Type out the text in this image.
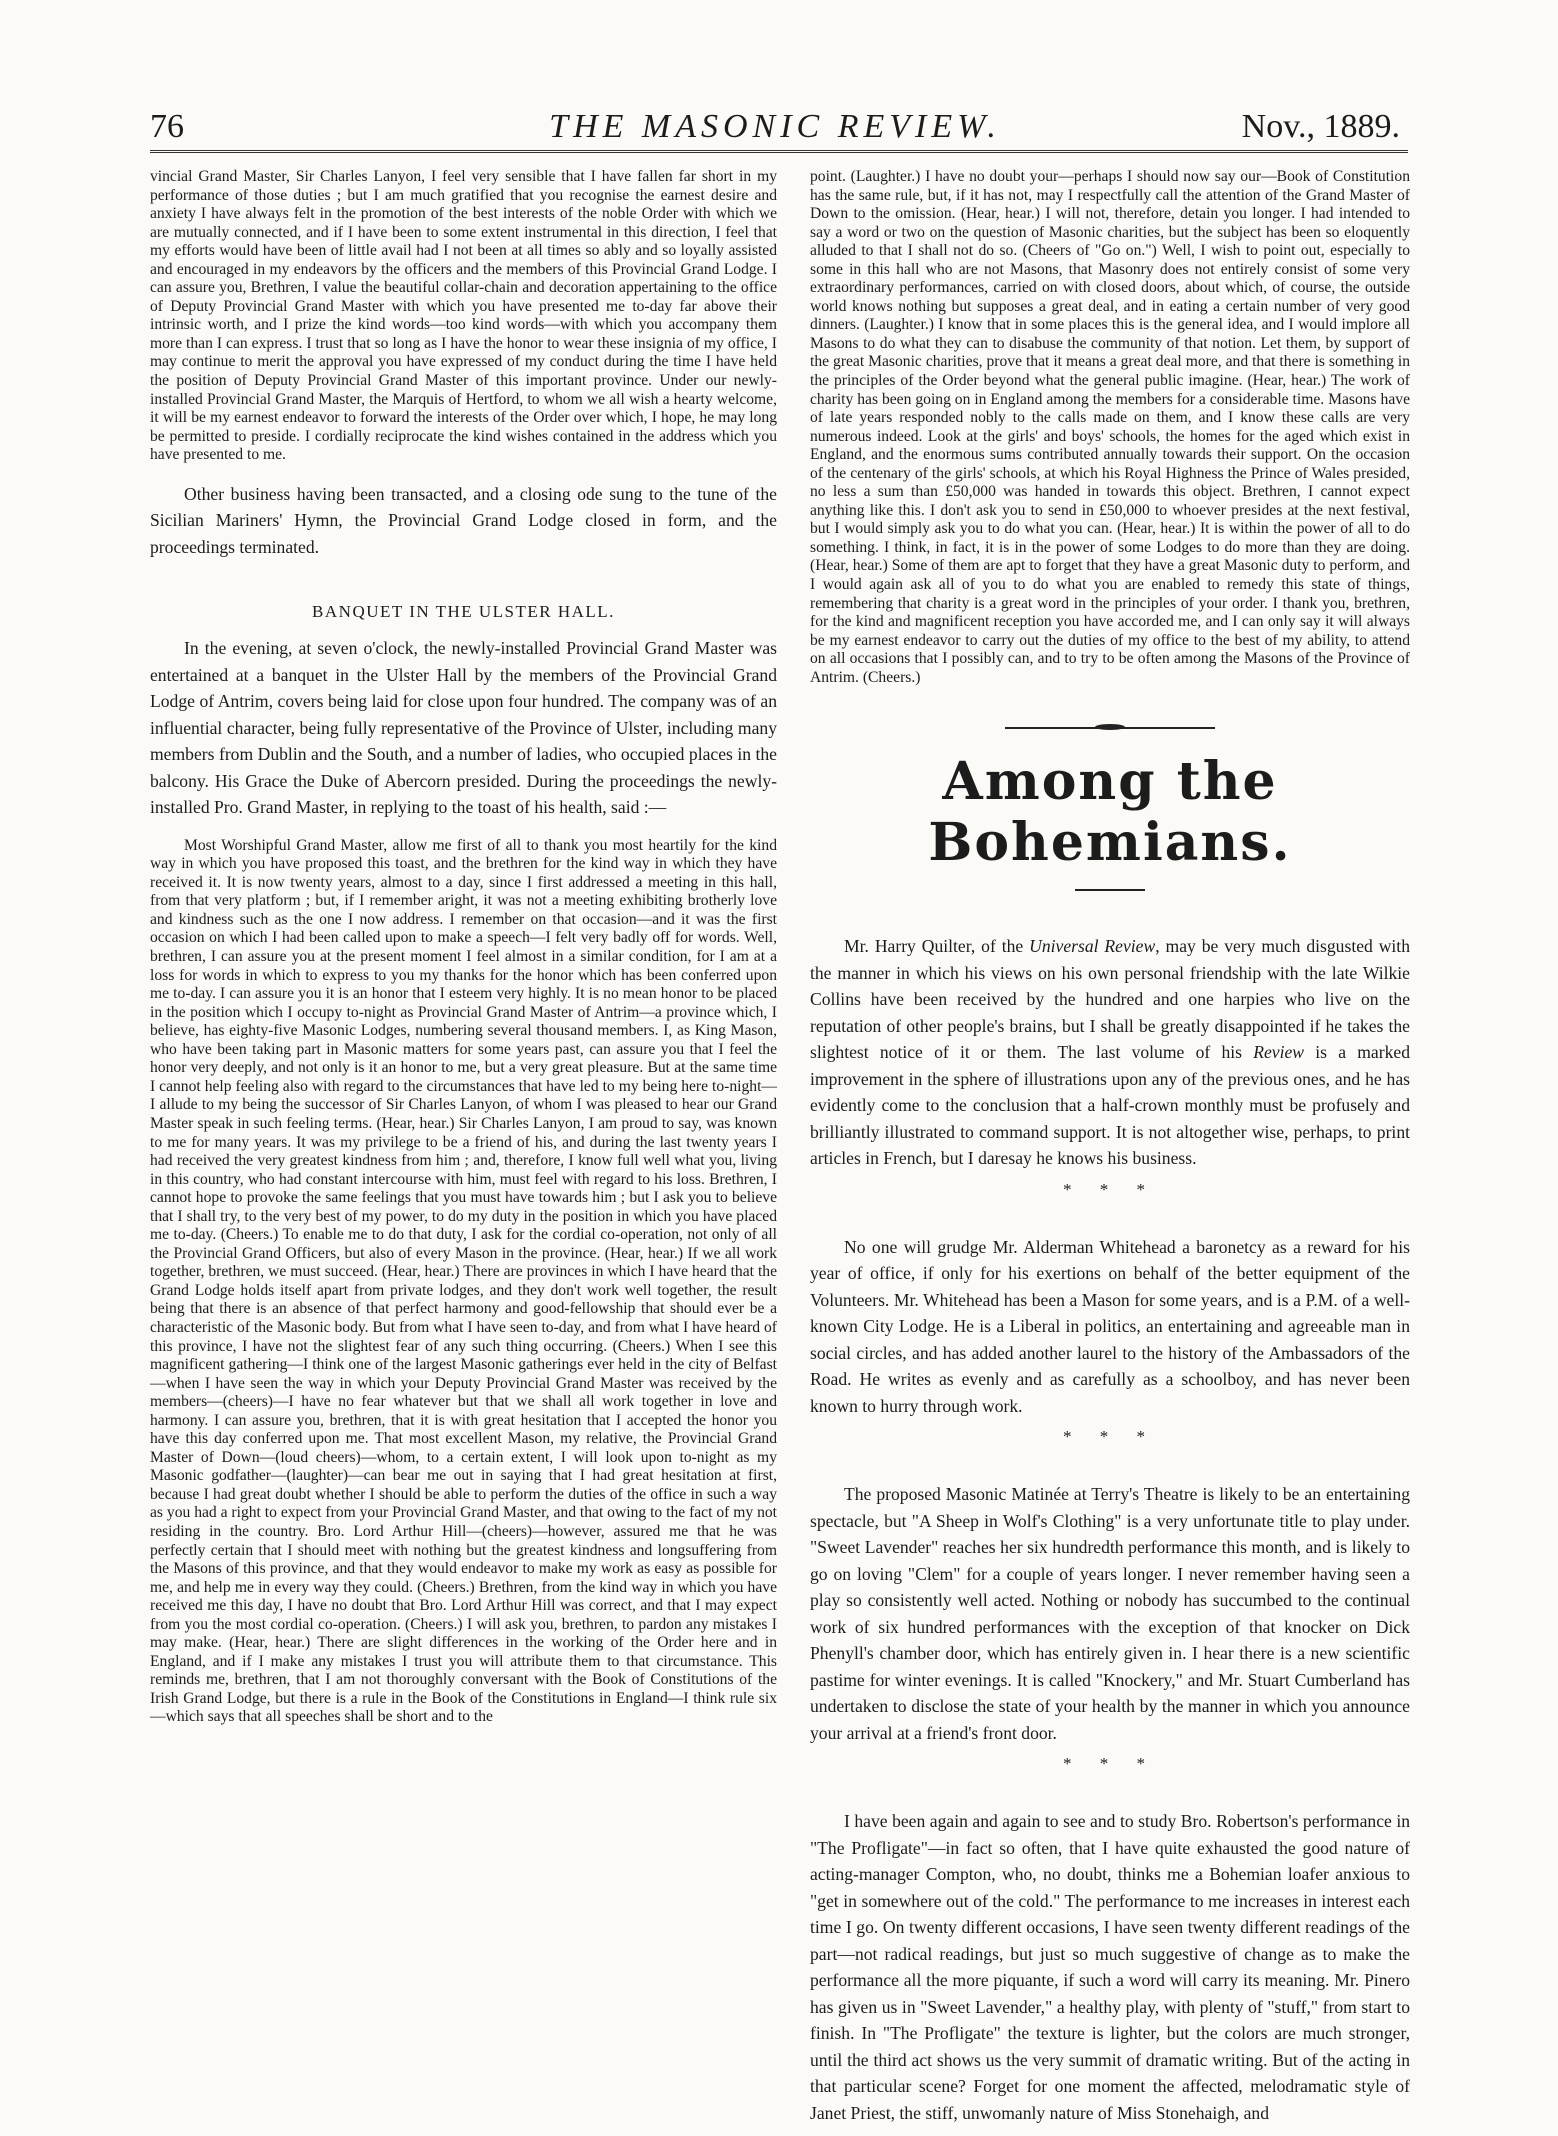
76	THE MASONIC REVIEW.	Nov., 1889.

vincial Grand Master, Sir Charles Lanyon, I feel very sensible that I have fallen far short in my performance of those duties ; but I am much gratified that you recognise the earnest desire and anxiety I have always felt in the promotion of the best interests of the noble Order with which we are mutually connected, and if I have been to some extent instrumental in this direction, I feel that my efforts would have been of little avail had I not been at all times so ably and so loyally assisted and encouraged in my endeavors by the officers and the members of this Provincial Grand Lodge. I can assure you, Brethren, I value the beautiful collar-chain and decoration appertaining to the office of Deputy Provincial Grand Master with which you have presented me to-day far above their intrinsic worth, and I prize the kind words—too kind words—with which you accompany them more than I can express. I trust that so long as I have the honor to wear these insignia of my office, I may continue to merit the approval you have expressed of my conduct during the time I have held the position of Deputy Provincial Grand Master of this important province. Under our newly-installed Provincial Grand Master, the Marquis of Hertford, to whom we all wish a hearty welcome, it will be my earnest endeavor to forward the interests of the Order over which, I hope, he may long be permitted to preside. I cordially reciprocate the kind wishes contained in the address which you have presented to me.

Other business having been transacted, and a closing ode sung to the tune of the Sicilian Mariners' Hymn, the Provincial Grand Lodge closed in form, and the proceedings terminated.

BANQUET IN THE ULSTER HALL.

In the evening, at seven o'clock, the newly-installed Provincial Grand Master was entertained at a banquet in the Ulster Hall by the members of the Provincial Grand Lodge of Antrim, covers being laid for close upon four hundred. The company was of an influential character, being fully representative of the Province of Ulster, including many members from Dublin and the South, and a number of ladies, who occupied places in the balcony. His Grace the Duke of Abercorn presided. During the proceedings the newly-installed Pro. Grand Master, in replying to the toast of his health, said :—

Most Worshipful Grand Master, allow me first of all to thank you most heartily for the kind way in which you have proposed this toast, and the brethren for the kind way in which they have received it. It is now twenty years, almost to a day, since I first addressed a meeting in this hall, from that very platform ; but, if I remember aright, it was not a meeting exhibiting brotherly love and kindness such as the one I now address. I remember on that occasion—and it was the first occasion on which I had been called upon to make a speech—I felt very badly off for words. Well, brethren, I can assure you at the present moment I feel almost in a similar condition, for I am at a loss for words in which to express to you my thanks for the honor which has been conferred upon me to-day. I can assure you it is an honor that I esteem very highly. It is no mean honor to be placed in the position which I occupy to-night as Provincial Grand Master of Antrim—a province which, I believe, has eighty-five Masonic Lodges, numbering several thousand members. I, as King Mason, who have been taking part in Masonic matters for some years past, can assure you that I feel the honor very deeply, and not only is it an honor to me, but a very great pleasure. But at the same time I cannot help feeling also with regard to the circumstances that have led to my being here to-night—I allude to my being the successor of Sir Charles Lanyon, of whom I was pleased to hear our Grand Master speak in such feeling terms. (Hear, hear.) Sir Charles Lanyon, I am proud to say, was known to me for many years. It was my privilege to be a friend of his, and during the last twenty years I had received the very greatest kindness from him ; and, therefore, I know full well what you, living in this country, who had constant intercourse with him, must feel with regard to his loss. Brethren, I cannot hope to provoke the same feelings that you must have towards him ; but I ask you to believe that I shall try, to the very best of my power, to do my duty in the position in which you have placed me to-day. (Cheers.) To enable me to do that duty, I ask for the cordial co-operation, not only of all the Provincial Grand Officers, but also of every Mason in the province. (Hear, hear.) If we all work together, brethren, we must succeed. (Hear, hear.) There are provinces in which I have heard that the Grand Lodge holds itself apart from private lodges, and they don't work well together, the result being that there is an absence of that perfect harmony and good-fellowship that should ever be a characteristic of the Masonic body. But from what I have seen to-day, and from what I have heard of this province, I have not the slightest fear of any such thing occurring. (Cheers.) When I see this magnificent gathering—I think one of the largest Masonic gatherings ever held in the city of Belfast—when I have seen the way in which your Deputy Provincial Grand Master was received by the members—(cheers)—I have no fear whatever but that we shall all work together in love and harmony. I can assure you, brethren, that it is with great hesitation that I accepted the honor you have this day conferred upon me. That most excellent Mason, my relative, the Provincial Grand Master of Down—(loud cheers)—whom, to a certain extent, I will look upon to-night as my Masonic godfather—(laughter)—can bear me out in saying that I had great hesitation at first, because I had great doubt whether I should be able to perform the duties of the office in such a way as you had a right to expect from your Provincial Grand Master, and that owing to the fact of my not residing in the country. Bro. Lord Arthur Hill—(cheers)—however, assured me that he was perfectly certain that I should meet with nothing but the greatest kindness and longsuffering from the Masons of this province, and that they would endeavor to make my work as easy as possible for me, and help me in every way they could. (Cheers.) Brethren, from the kind way in which you have received me this day, I have no doubt that Bro. Lord Arthur Hill was correct, and that I may expect from you the most cordial co-operation. (Cheers.) I will ask you, brethren, to pardon any mistakes I may make. (Hear, hear.) There are slight differences in the working of the Order here and in England, and if I make any mistakes I trust you will attribute them to that circumstance. This reminds me, brethren, that I am not thoroughly conversant with the Book of Constitutions of the Irish Grand Lodge, but there is a rule in the Book of the Constitutions in England—I think rule six—which says that all speeches shall be short and to the

point. (Laughter.) I have no doubt your—perhaps I should now say our—Book of Constitution has the same rule, but, if it has not, may I respectfully call the attention of the Grand Master of Down to the omission. (Hear, hear.) I will not, therefore, detain you longer. I had intended to say a word or two on the question of Masonic charities, but the subject has been so eloquently alluded to that I shall not do so. (Cheers of "Go on.") Well, I wish to point out, especially to some in this hall who are not Masons, that Masonry does not entirely consist of some very extraordinary performances, carried on with closed doors, about which, of course, the outside world knows nothing but supposes a great deal, and in eating a certain number of very good dinners. (Laughter.) I know that in some places this is the general idea, and I would implore all Masons to do what they can to disabuse the community of that notion. Let them, by support of the great Masonic charities, prove that it means a great deal more, and that there is something in the principles of the Order beyond what the general public imagine. (Hear, hear.) The work of charity has been going on in England among the members for a considerable time. Masons have of late years responded nobly to the calls made on them, and I know these calls are very numerous indeed. Look at the girls' and boys' schools, the homes for the aged which exist in England, and the enormous sums contributed annually towards their support. On the occasion of the centenary of the girls' schools, at which his Royal Highness the Prince of Wales presided, no less a sum than £50,000 was handed in towards this object. Brethren, I cannot expect anything like this. I don't ask you to send in £50,000 to whoever presides at the next festival, but I would simply ask you to do what you can. (Hear, hear.) It is within the power of all to do something. I think, in fact, it is in the power of some Lodges to do more than they are doing. (Hear, hear.) Some of them are apt to forget that they have a great Masonic duty to perform, and I would again ask all of you to do what you are enabled to remedy this state of things, remembering that charity is a great word in the principles of your order. I thank you, brethren, for the kind and magnificent reception you have accorded me, and I can only say it will always be my earnest endeavor to carry out the duties of my office to the best of my ability, to attend on all occasions that I possibly can, and to try to be often among the Masons of the Province of Antrim. (Cheers.)

Among the Bohemians.

Mr. Harry Quilter, of the Universal Review, may be very much disgusted with the manner in which his views on his own personal friendship with the late Wilkie Collins have been received by the hundred and one harpies who live on the reputation of other people's brains, but I shall be greatly disappointed if he takes the slightest notice of it or them. The last volume of his Review is a marked improvement in the sphere of illustrations upon any of the previous ones, and he has evidently come to the conclusion that a half-crown monthly must be profusely and brilliantly illustrated to command support. It is not altogether wise, perhaps, to print articles in French, but I daresay he knows his business.

* * *

No one will grudge Mr. Alderman Whitehead a baronetcy as a reward for his year of office, if only for his exertions on behalf of the better equipment of the Volunteers. Mr. Whitehead has been a Mason for some years, and is a P.M. of a well-known City Lodge. He is a Liberal in politics, an entertaining and agreeable man in social circles, and has added another laurel to the history of the Ambassadors of the Road. He writes as evenly and as carefully as a schoolboy, and has never been known to hurry through work.

* * *

The proposed Masonic Matinée at Terry's Theatre is likely to be an entertaining spectacle, but "A Sheep in Wolf's Clothing" is a very unfortunate title to play under. "Sweet Lavender" reaches her six hundredth performance this month, and is likely to go on loving "Clem" for a couple of years longer. I never remember having seen a play so consistently well acted. Nothing or nobody has succumbed to the continual work of six hundred performances with the exception of that knocker on Dick Phenyll's chamber door, which has entirely given in. I hear there is a new scientific pastime for winter evenings. It is called "Knockery," and Mr. Stuart Cumberland has undertaken to disclose the state of your health by the manner in which you announce your arrival at a friend's front door.

* * *

I have been again and again to see and to study Bro. Robertson's performance in "The Profligate"—in fact so often, that I have quite exhausted the good nature of acting-manager Compton, who, no doubt, thinks me a Bohemian loafer anxious to "get in somewhere out of the cold." The performance to me increases in interest each time I go. On twenty different occasions, I have seen twenty different readings of the part—not radical readings, but just so much suggestive of change as to make the performance all the more piquante, if such a word will carry its meaning. Mr. Pinero has given us in "Sweet Lavender," a healthy play, with plenty of "stuff," from start to finish. In "The Profligate" the texture is lighter, but the colors are much stronger, until the third act shows us the very summit of dramatic writing. But of the acting in that particular scene? Forget for one moment the affected, melodramatic style of Janet Priest, the stiff, unwomanly nature of Miss Stonehaigh, and
